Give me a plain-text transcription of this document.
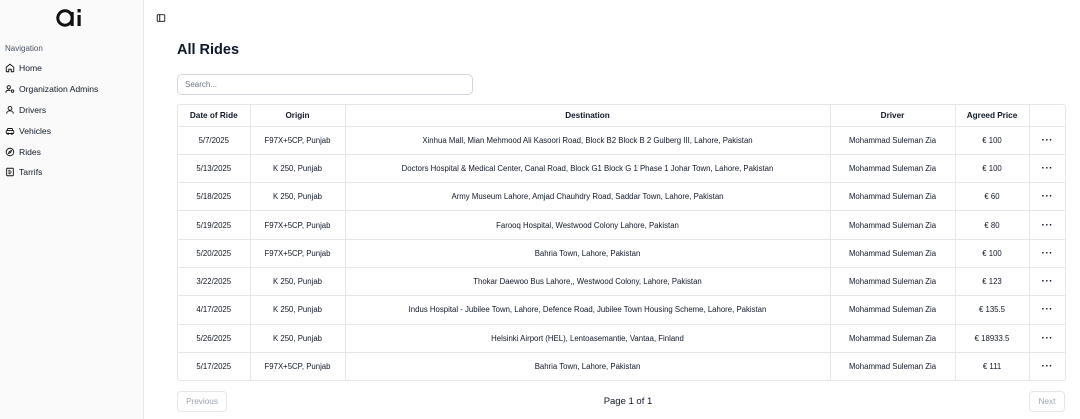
Navigation
Home
Organization Admins
Drivers
Vehicles
Rides
Tarrifs
All Rides
Search...
Date of Ride	Origin	Destination	Driver	Agreed Price	
5/7/2025	F97X+5CP, Punjab	Xinhua Mall, Mian Mehmood Ali Kasoori Road, Block B2 Block B 2 Gulberg III, Lahore, Pakistan	Mohammad Suleman Zia	€ 100	···
5/13/2025	K 250, Punjab	Doctors Hospital & Medical Center, Canal Road, Block G1 Block G 1 Phase 1 Johar Town, Lahore, Pakistan	Mohammad Suleman Zia	€ 100	···
5/18/2025	K 250, Punjab	Army Museum Lahore, Amjad Chauhdry Road, Saddar Town, Lahore, Pakistan	Mohammad Suleman Zia	€ 60	···
5/19/2025	F97X+5CP, Punjab	Farooq Hospital, Westwood Colony Lahore, Pakistan	Mohammad Suleman Zia	€ 80	···
5/20/2025	F97X+5CP, Punjab	Bahria Town, Lahore, Pakistan	Mohammad Suleman Zia	€ 100	···
3/22/2025	K 250, Punjab	Thokar Daewoo Bus Lahore,, Westwood Colony, Lahore, Pakistan	Mohammad Suleman Zia	€ 123	···
4/17/2025	K 250, Punjab	Indus Hospital - Jubilee Town, Lahore, Defence Road, Jubilee Town Housing Scheme, Lahore, Pakistan	Mohammad Suleman Zia	€ 135.5	···
5/26/2025	K 250, Punjab	Helsinki Airport (HEL), Lentoasemantie, Vantaa, Finland	Mohammad Suleman Zia	€ 18933.5	···
5/17/2025	F97X+5CP, Punjab	Bahria Town, Lahore, Pakistan	Mohammad Suleman Zia	€ 111	···
Previous	Page 1 of 1	Next
